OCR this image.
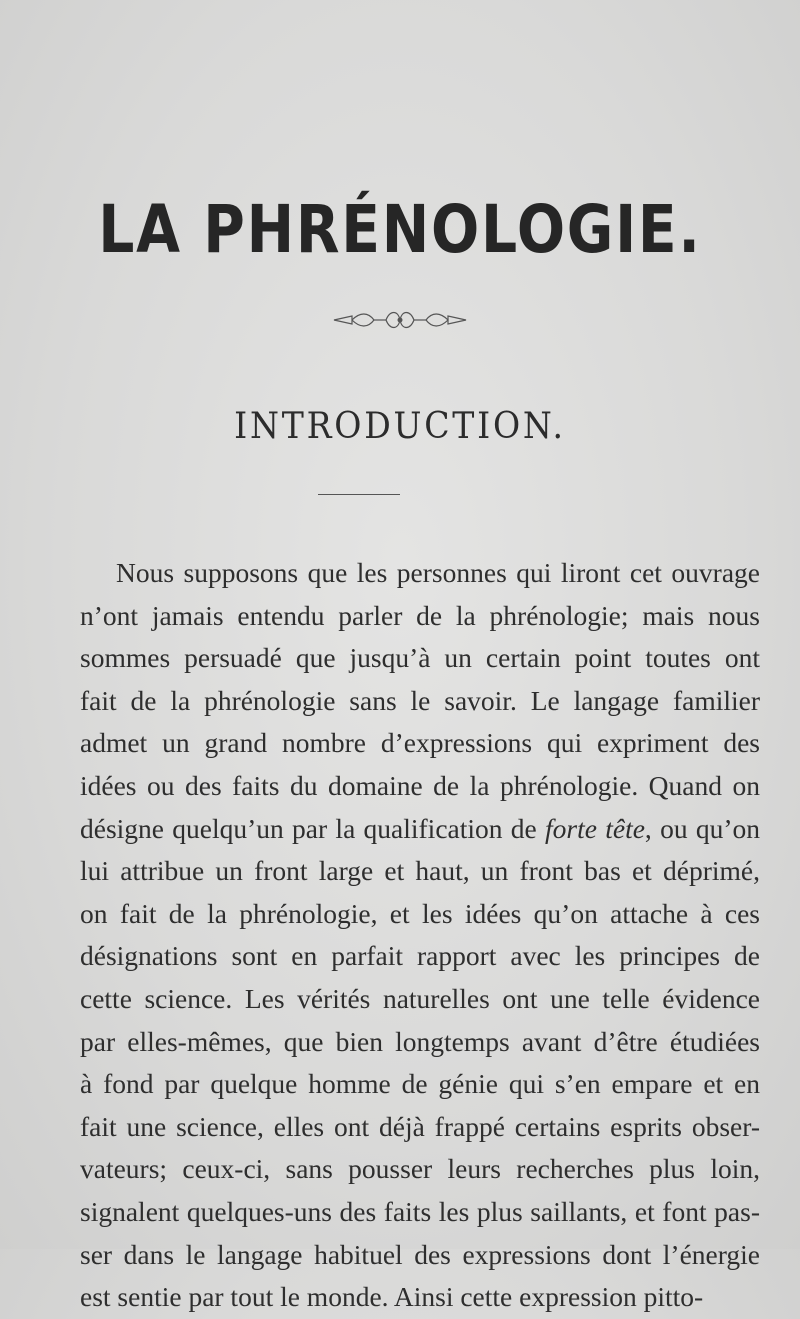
LA PHRÉNOLOGIE.
INTRODUCTION.
Nous supposons que les personnes qui liront cet ouvrage
n’ont jamais entendu parler de la phrénologie; mais nous
sommes persuadé que jusqu’à un certain point toutes ont
fait de la phrénologie sans le savoir. Le langage familier
admet un grand nombre d’expressions qui expriment des
idées ou des faits du domaine de la phrénologie. Quand on
désigne quelqu’un par la qualification de forte tête, ou qu’on
lui attribue un front large et haut, un front bas et déprimé,
on fait de la phrénologie, et les idées qu’on attache à ces
désignations sont en parfait rapport avec les principes de
cette science. Les vérités naturelles ont une telle évidence
par elles-mêmes, que bien longtemps avant d’être étudiées
à fond par quelque homme de génie qui s’en empare et en
fait une science, elles ont déjà frappé certains esprits obser-
vateurs; ceux-ci, sans pousser leurs recherches plus loin,
signalent quelques-uns des faits les plus saillants, et font pas-
ser dans le langage habituel des expressions dont l’énergie
est sentie par tout le monde. Ainsi cette expression pitto-
